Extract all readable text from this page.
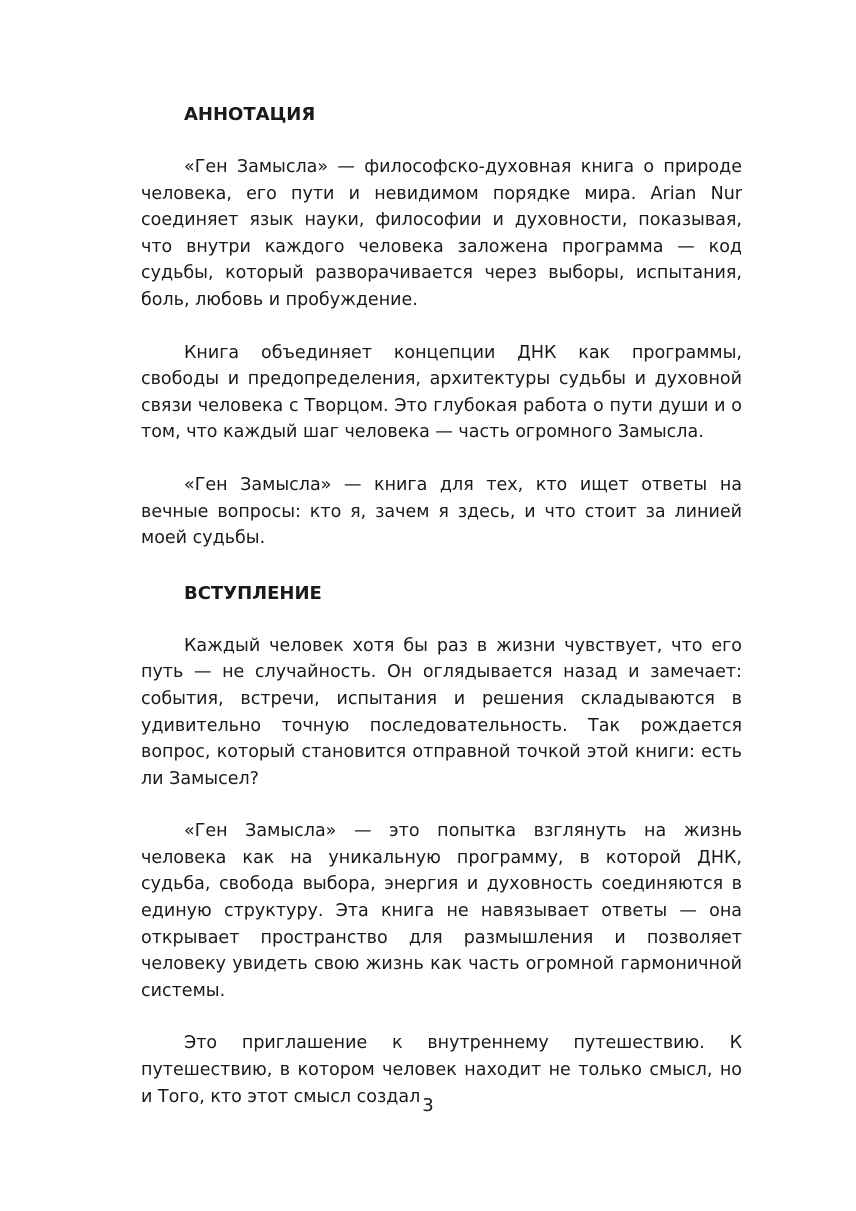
АННОТАЦИЯ

«Ген Замысла» — философско-духовная книга о природе человека, его пути и невидимом порядке мира. Arian Nur соединяет язык науки, философии и духовности, показывая, что внутри каждого человека заложена программа — код судьбы, который разворачивается через выборы, испытания, боль, любовь и пробуждение.

Книга объединяет концепции ДНК как программы, свободы и предопределения, архитектуры судьбы и духовной связи человека с Творцом. Это глубокая работа о пути души и о том, что каждый шаг человека — часть огромного Замысла.

«Ген Замысла» — книга для тех, кто ищет ответы на вечные вопросы: кто я, зачем я здесь, и что стоит за линией моей судьбы.

ВСТУПЛЕНИЕ

Каждый человек хотя бы раз в жизни чувствует, что его путь — не случайность. Он оглядывается назад и замечает: события, встречи, испытания и решения складываются в удивительно точную последовательность. Так рождается вопрос, который становится отправной точкой этой книги: есть ли Замысел?

«Ген Замысла» — это попытка взглянуть на жизнь человека как на уникальную программу, в которой ДНК, судьба, свобода выбора, энергия и духовность соединяются в единую структуру. Эта книга не навязывает ответы — она открывает пространство для размышления и позволяет человеку увидеть свою жизнь как часть огромной гармоничной системы.

Это приглашение к внутреннему путешествию. К путешествию, в котором человек находит не только смысл, но и Того, кто этот смысл создал 3
